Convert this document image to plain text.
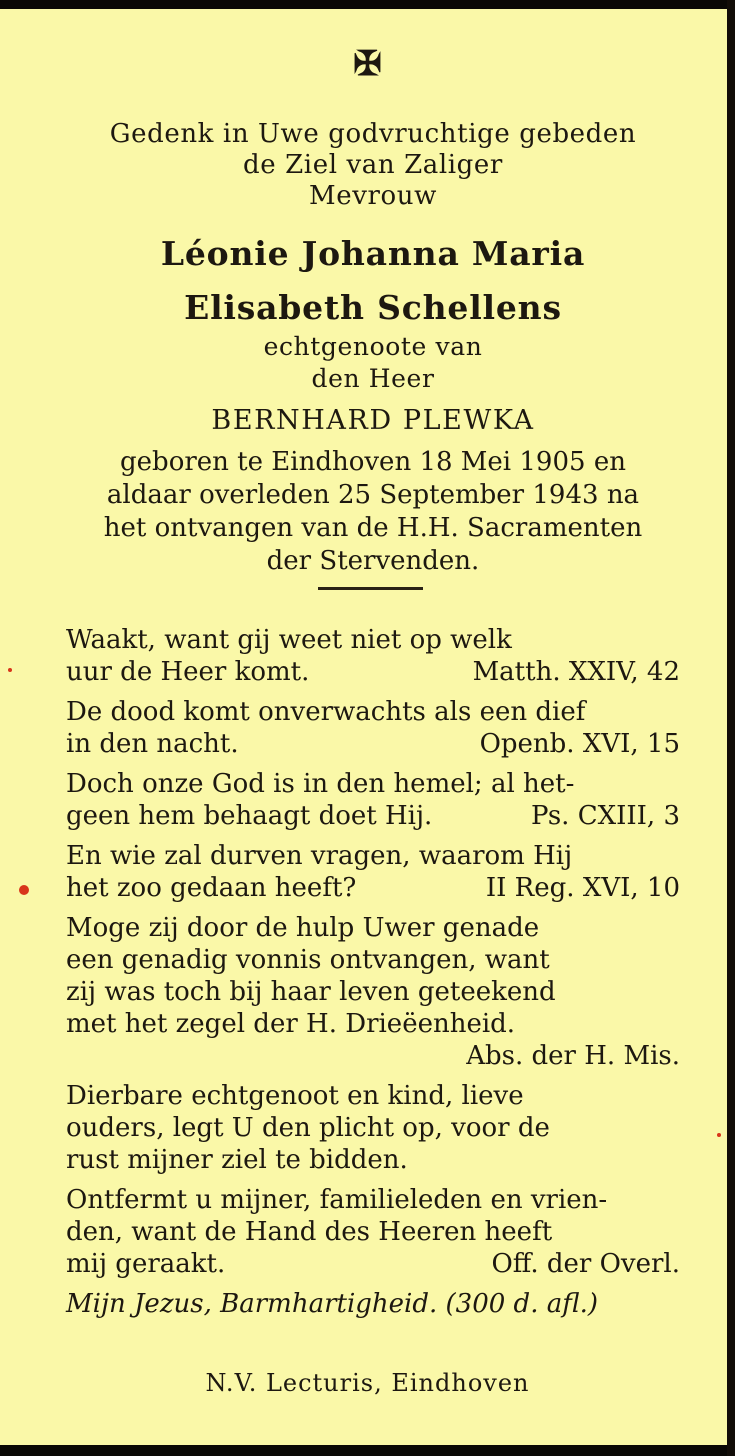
✠
Gedenk in Uwe godvruchtige gebeden
de Ziel van Zaliger
Mevrouw
Léonie Johanna Maria
Elisabeth Schellens
echtgenoote van
den Heer
BERNHARD PLEWKA
geboren te Eindhoven 18 Mei 1905 en
aldaar overleden 25 September 1943 na
het ontvangen van de H.H. Sacramenten
der Stervenden.
Waakt, want gij weet niet op welk
uur de Heer komt.	Matth. XXIV, 42
De dood komt onverwachts als een dief
in den nacht.	Openb. XVI, 15
Doch onze God is in den hemel; al het-
geen hem behaagt doet Hij.	Ps. CXIII, 3
En wie zal durven vragen, waarom Hij
het zoo gedaan heeft?	II Reg. XVI, 10
Moge zij door de hulp Uwer genade
een genadig vonnis ontvangen, want
zij was toch bij haar leven geteekend
met het zegel der H. Drieëenheid.
Abs. der H. Mis.
Dierbare echtgenoot en kind, lieve
ouders, legt U den plicht op, voor de
rust mijner ziel te bidden.
Ontfermt u mijner, familieleden en vrien-
den, want de Hand des Heeren heeft
mij geraakt.	Off. der Overl.
Mijn Jezus, Barmhartigheid. (300 d. afl.)
N.V. Lecturis, Eindhoven
